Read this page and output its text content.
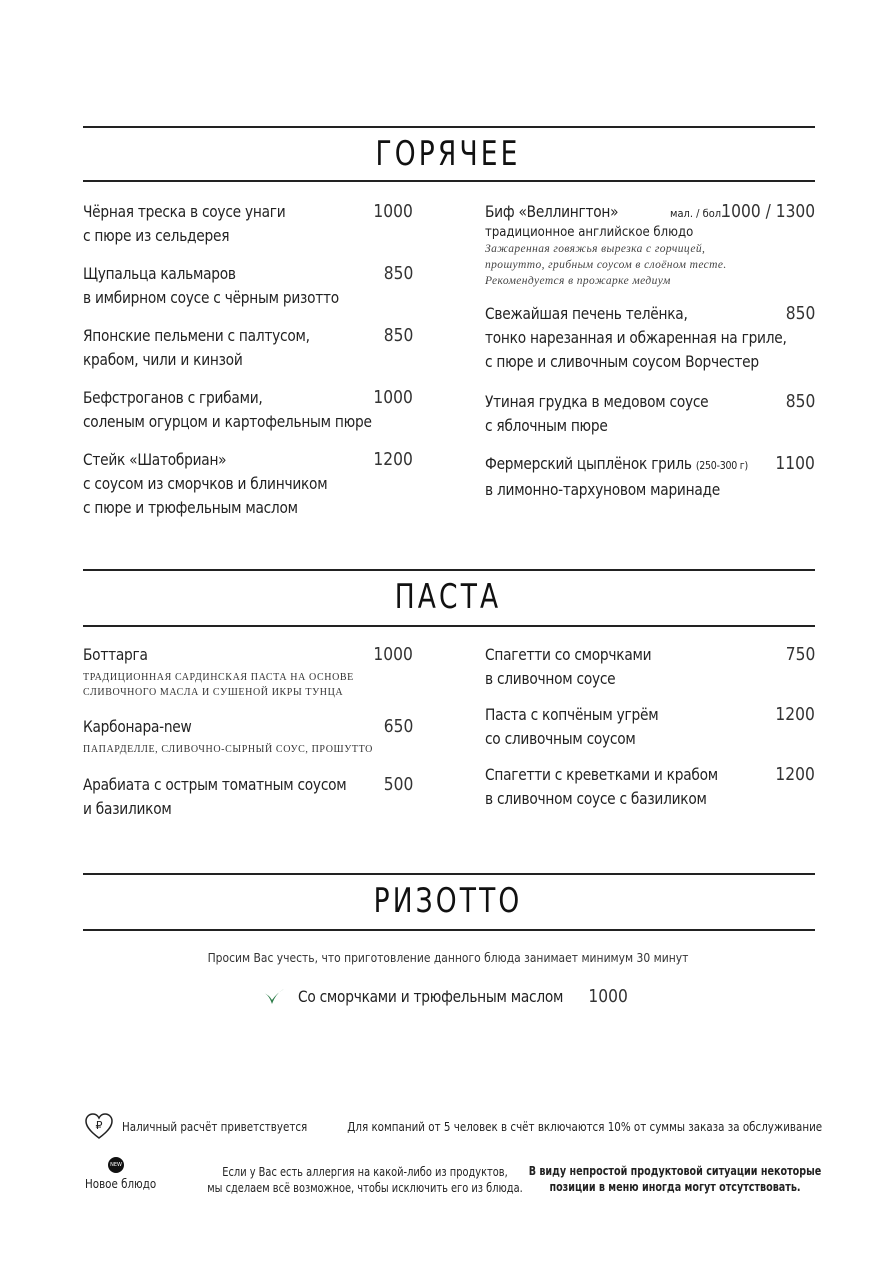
ГОРЯЧЕЕ
Чёрная треска в соусе унаги
с пюре из сельдерея
1000
Щупальца кальмаров
в имбирном соусе с чёрным ризотто
850
Японские пельмени с палтусом,
крабом, чили и кинзой
850
Бефстроганов с грибами,
соленым огурцом и картофельным пюре
1000
Стейк «Шатобриан»
с соусом из сморчков и блинчиком
с пюре и трюфельным маслом
1200
Биф «Веллингтон»	мал. / бол.
1000 / 1300
традиционное английское блюдо
Зажаренная говяжья вырезка с горчицей,
прошутто, грибным соусом в слоёном тесте.
Рекомендуется в прожарке медиум
Свежайшая печень телёнка,
тонко нарезанная и обжаренная на гриле,
с пюре и сливочным соусом Ворчестер
850
Утиная грудка в медовом соусе
с яблочным пюре
850
Фермерский цыплёнок гриль (250-300 г)
в лимонно-тархуновом маринаде
1100
ПАСТА
Боттарга
ТРАДИЦИОННАЯ САРДИНСКАЯ ПАСТА НА ОСНОВЕ
СЛИВОЧНОГО МАСЛА И СУШЕНОЙ ИКРЫ ТУНЦА
1000
Карбонара-new
ПАПАРДЕЛЛЕ, СЛИВОЧНО-СЫРНЫЙ СОУС, ПРОШУТТО
650
Арабиата с острым томатным соусом
и базиликом
500
Спагетти со сморчками
в сливочном соусе
750
Паста с копчёным угрём
со сливочным соусом
1200
Спагетти с креветками и крабом
в сливочном соусе с базиликом
1200
РИЗОТТО
Просим Вас учесть, что приготовление данного блюда занимает минимум 30 минут
Со сморчками и трюфельным маслом 1000
₽ Наличный расчёт приветствуется	Для компаний от 5 человек в счёт включаются 10% от суммы заказа за обслуживание
NEW
Новое блюдо
Если у Вас есть аллергия на какой-либо из продуктов,
мы сделаем всё возможное, чтобы исключить его из блюда.
В виду непростой продуктовой ситуации некоторые
позиции в меню иногда могут отсутствовать.
